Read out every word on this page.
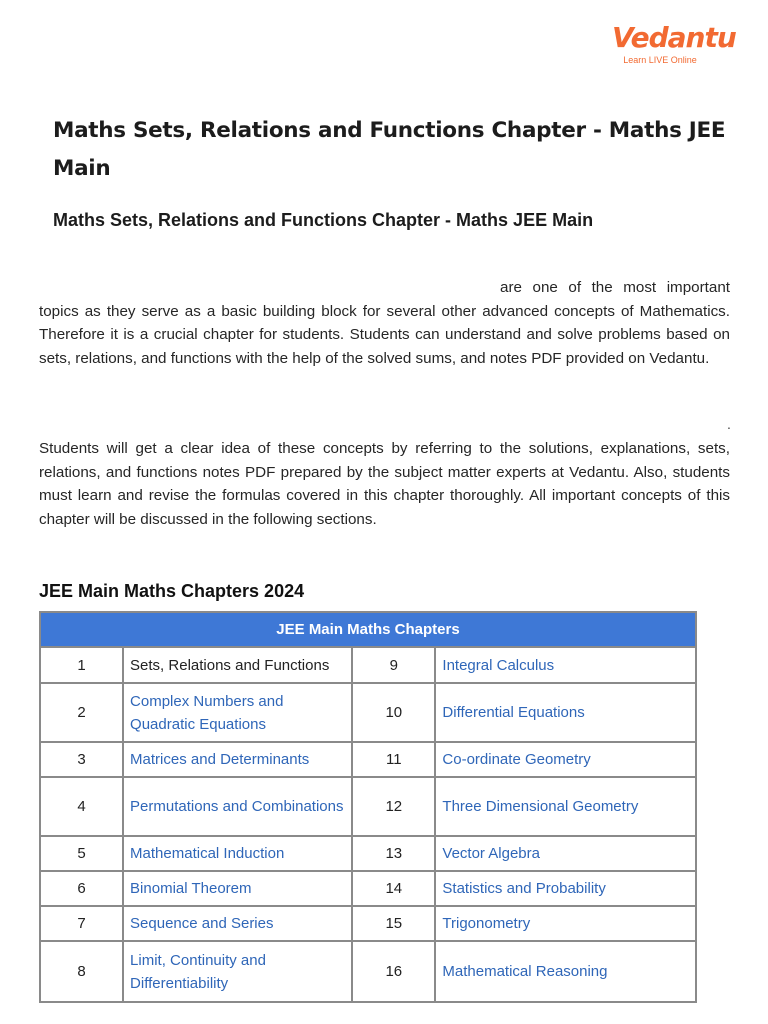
Vedantu
Learn LIVE Online
Maths Sets, Relations and Functions Chapter - Maths JEE Main
Maths Sets, Relations and Functions Chapter - Maths JEE Main

are one of the most important topics as they serve as a basic building block for several other advanced concepts of Mathematics. Therefore it is a crucial chapter for students. Students can understand and solve problems based on sets, relations, and functions with the help of the solved sums, and notes PDF provided on Vedantu.

.

Students will get a clear idea of these concepts by referring to the solutions, explanations, sets, relations, and functions notes PDF prepared by the subject matter experts at Vedantu. Also, students must learn and revise the formulas covered in this chapter thoroughly. All important concepts of this chapter will be discussed in the following sections.

JEE Main Maths Chapters 2024
JEE Main Maths Chapters			
1	Sets, Relations and Functions	9	Integral Calculus
2	Complex Numbers and Quadratic Equations	10	Differential Equations
3	Matrices and Determinants	11	Co-ordinate Geometry
4	Permutations and Combinations	12	Three Dimensional Geometry
5	Mathematical Induction	13	Vector Algebra
6	Binomial Theorem	14	Statistics and Probability
7	Sequence and Series	15	Trigonometry
8	Limit, Continuity and Differentiability	16	Mathematical Reasoning
